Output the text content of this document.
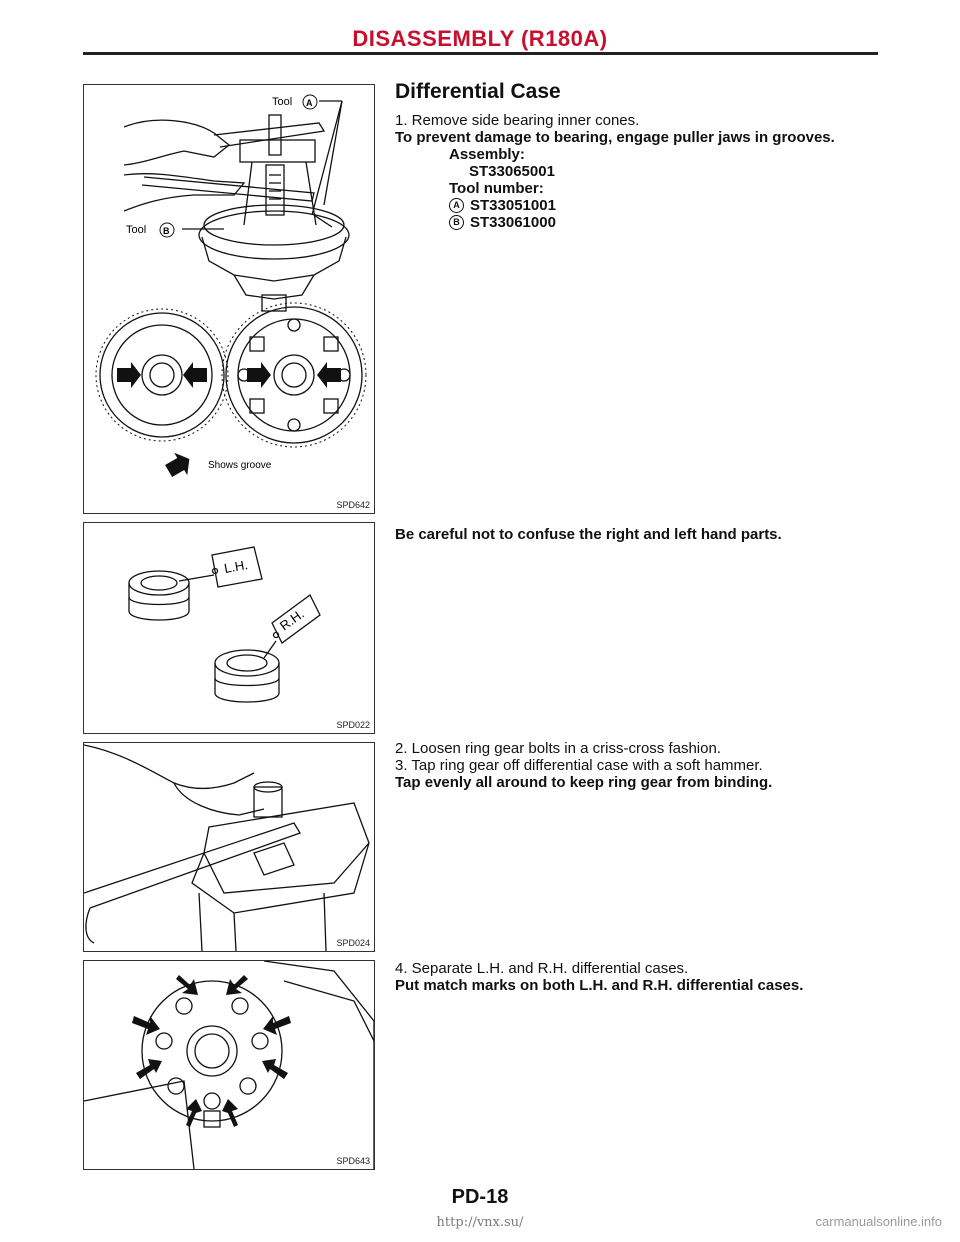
DISASSEMBLY (R180A)
Tool A
Tool B
Shows groove
SPD642
L.H.
R.H.
SPD022
SPD024
SPD643
Differential Case

1. Remove side bearing inner cones.

To prevent damage to bearing, engage puller jaws in grooves.

Assembly:

ST33065001

Tool number:

A ST33051001
B ST33061000
Be careful not to confuse the right and left hand parts.

2. Loosen ring gear bolts in a criss-cross fashion.

3. Tap ring gear off differential case with a soft hammer.

Tap evenly all around to keep ring gear from binding.

4. Separate L.H. and R.H. differential cases.

Put match marks on both L.H. and R.H. differential cases.

PD-18
http://vnx.su/	carmanualsonline.info
